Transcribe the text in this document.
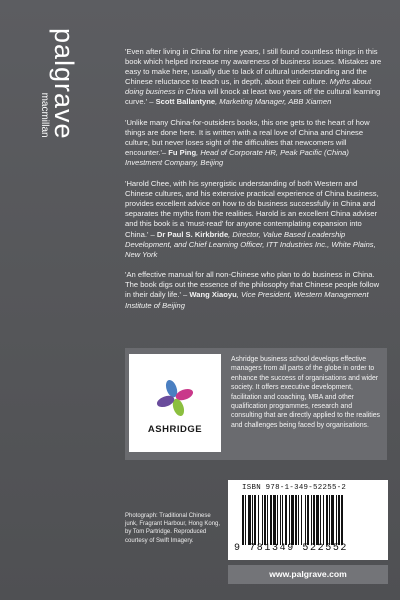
palgrave
macmillan

'Even after living in China for nine years, I still found countless things in this book which helped increase my awareness of business issues. Mistakes are easy to make here, usually due to lack of cultural understanding and the Chinese reluctance to teach us, in depth, about their culture. Myths about doing business in China will knock at least two years off the cultural learning curve.' – Scott Ballantyne, Marketing Manager, ABB Xiamen

'Unlike many China-for-outsiders books, this one gets to the heart of how things are done here. It is written with a real love of China and Chinese culture, but never loses sight of the difficulties that newcomers will encounter.'– Fu Ping, Head of Corporate HR, Peak Pacific (China) Investment Company, Beijing

'Harold Chee, with his synergistic understanding of both Western and Chinese cultures, and his extensive practical experience of China business, provides excellent advice on how to do business successfully in China and separates the myths from the realities. Harold is an excellent China adviser and this book is a 'must-read' for anyone contemplating expansion into China.' – Dr Paul S. Kirkbride, Director, Value Based Leadership Development, and Chief Learning Officer, ITT Industries Inc., White Plains, New York

'An effective manual for all non-Chinese who plan to do business in China. The book digs out the essence of the philosophy that Chinese people follow in their daily life.' – Wang Xiaoyu, Vice President, Western Management Institute of Beijing

ASHRIDGE
Ashridge business school develops effective managers from all parts of the globe in order to enhance the success of organisations and wider society. It offers executive development, facilitation and coaching, MBA and other qualification programmes, research and consulting that are directly applied to the realities and challenges being faced by organisations.
Photograph: Traditional Chinese junk, Fragrant Harbour, Hong Kong, by Tom Partridge. Reproduced courtesy of Swift Imagery.
ISBN 978-1-349-52255-2
9 781349 522552
www.palgrave.com
